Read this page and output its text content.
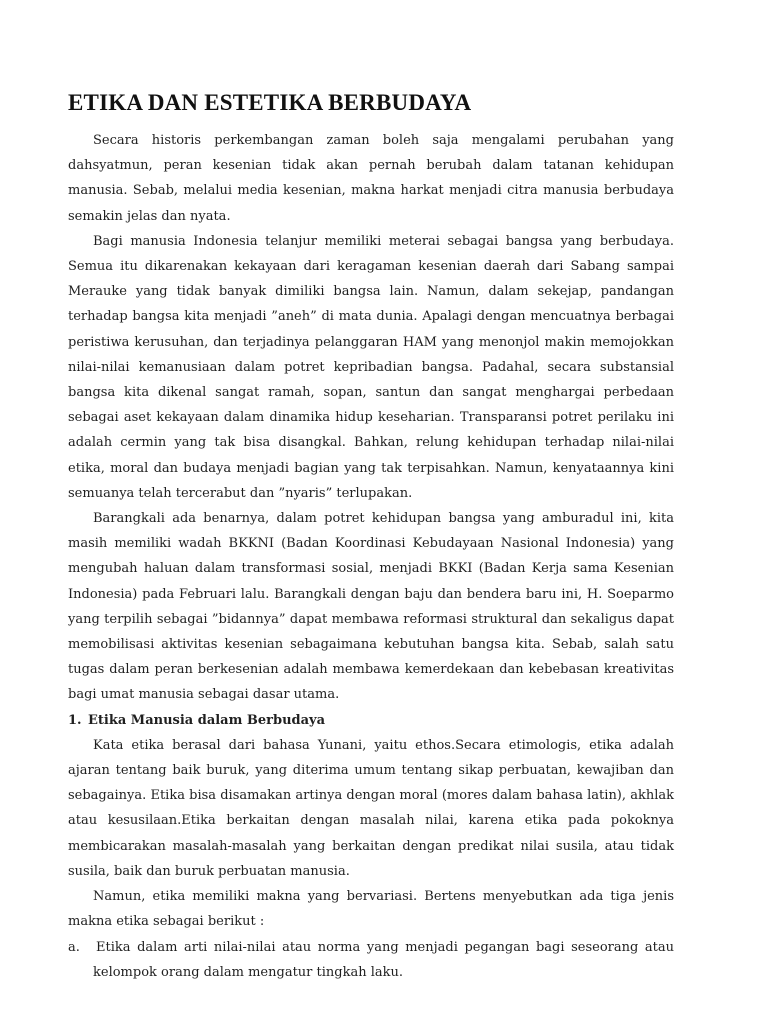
ETIKA DAN ESTETIKA BERBUDAYA

Secara historis perkembangan zaman boleh saja mengalami perubahan yang dahsyatmun, peran kesenian tidak akan pernah berubah dalam tatanan kehidupan manusia. Sebab, melalui media kesenian, makna harkat menjadi citra manusia berbudaya semakin jelas dan nyata.

Bagi manusia Indonesia telanjur memiliki meterai sebagai bangsa yang berbudaya. Semua itu dikarenakan kekayaan dari keragaman kesenian daerah dari Sabang sampai Merauke yang tidak banyak dimiliki bangsa lain. Namun, dalam sekejap, pandangan terhadap bangsa kita menjadi ”aneh” di mata dunia. Apalagi dengan mencuatnya berbagai peristiwa kerusuhan, dan terjadinya pelanggaran HAM yang menonjol makin memojokkan nilai-nilai kemanusiaan dalam potret kepribadian bangsa. Padahal, secara substansial bangsa kita dikenal sangat ramah, sopan, santun dan sangat menghargai perbedaan sebagai aset kekayaan dalam dinamika hidup keseharian. Transparansi potret perilaku ini adalah cermin yang tak bisa disangkal. Bahkan, relung kehidupan terhadap nilai-nilai etika, moral dan budaya menjadi bagian yang tak terpisahkan. Namun, kenyataannya kini semuanya telah tercerabut dan ”nyaris” terlupakan.

Barangkali ada benarnya, dalam potret kehidupan bangsa yang amburadul ini, kita masih memiliki wadah BKKNI (Badan Koordinasi Kebudayaan Nasional Indonesia) yang mengubah haluan dalam transformasi sosial, menjadi BKKI (Badan Kerja sama Kesenian Indonesia) pada Februari lalu. Barangkali dengan baju dan bendera baru ini, H. Soeparmo yang terpilih sebagai ”bidannya” dapat membawa reformasi struktural dan sekaligus dapat memobilisasi aktivitas kesenian sebagaimana kebutuhan bangsa kita. Sebab, salah satu tugas dalam peran berkesenian adalah membawa kemerdekaan dan kebebasan kreativitas bagi umat manusia sebagai dasar utama.

1. Etika Manusia dalam Berbudaya

Kata etika berasal dari bahasa Yunani, yaitu ethos.Secara etimologis, etika adalah ajaran tentang baik buruk, yang diterima umum tentang sikap perbuatan, kewajiban dan sebagainya. Etika bisa disamakan artinya dengan moral (mores dalam bahasa latin), akhlak atau kesusilaan.Etika berkaitan dengan masalah nilai, karena etika pada pokoknya membicarakan masalah-masalah yang berkaitan dengan predikat nilai susila, atau tidak susila, baik dan buruk perbuatan manusia.

Namun, etika memiliki makna yang bervariasi. Bertens menyebutkan ada tiga jenis makna etika sebagai berikut :

a.	Etika dalam arti nilai-nilai atau norma yang menjadi pegangan bagi seseorang atau kelompok orang dalam mengatur tingkah laku.
